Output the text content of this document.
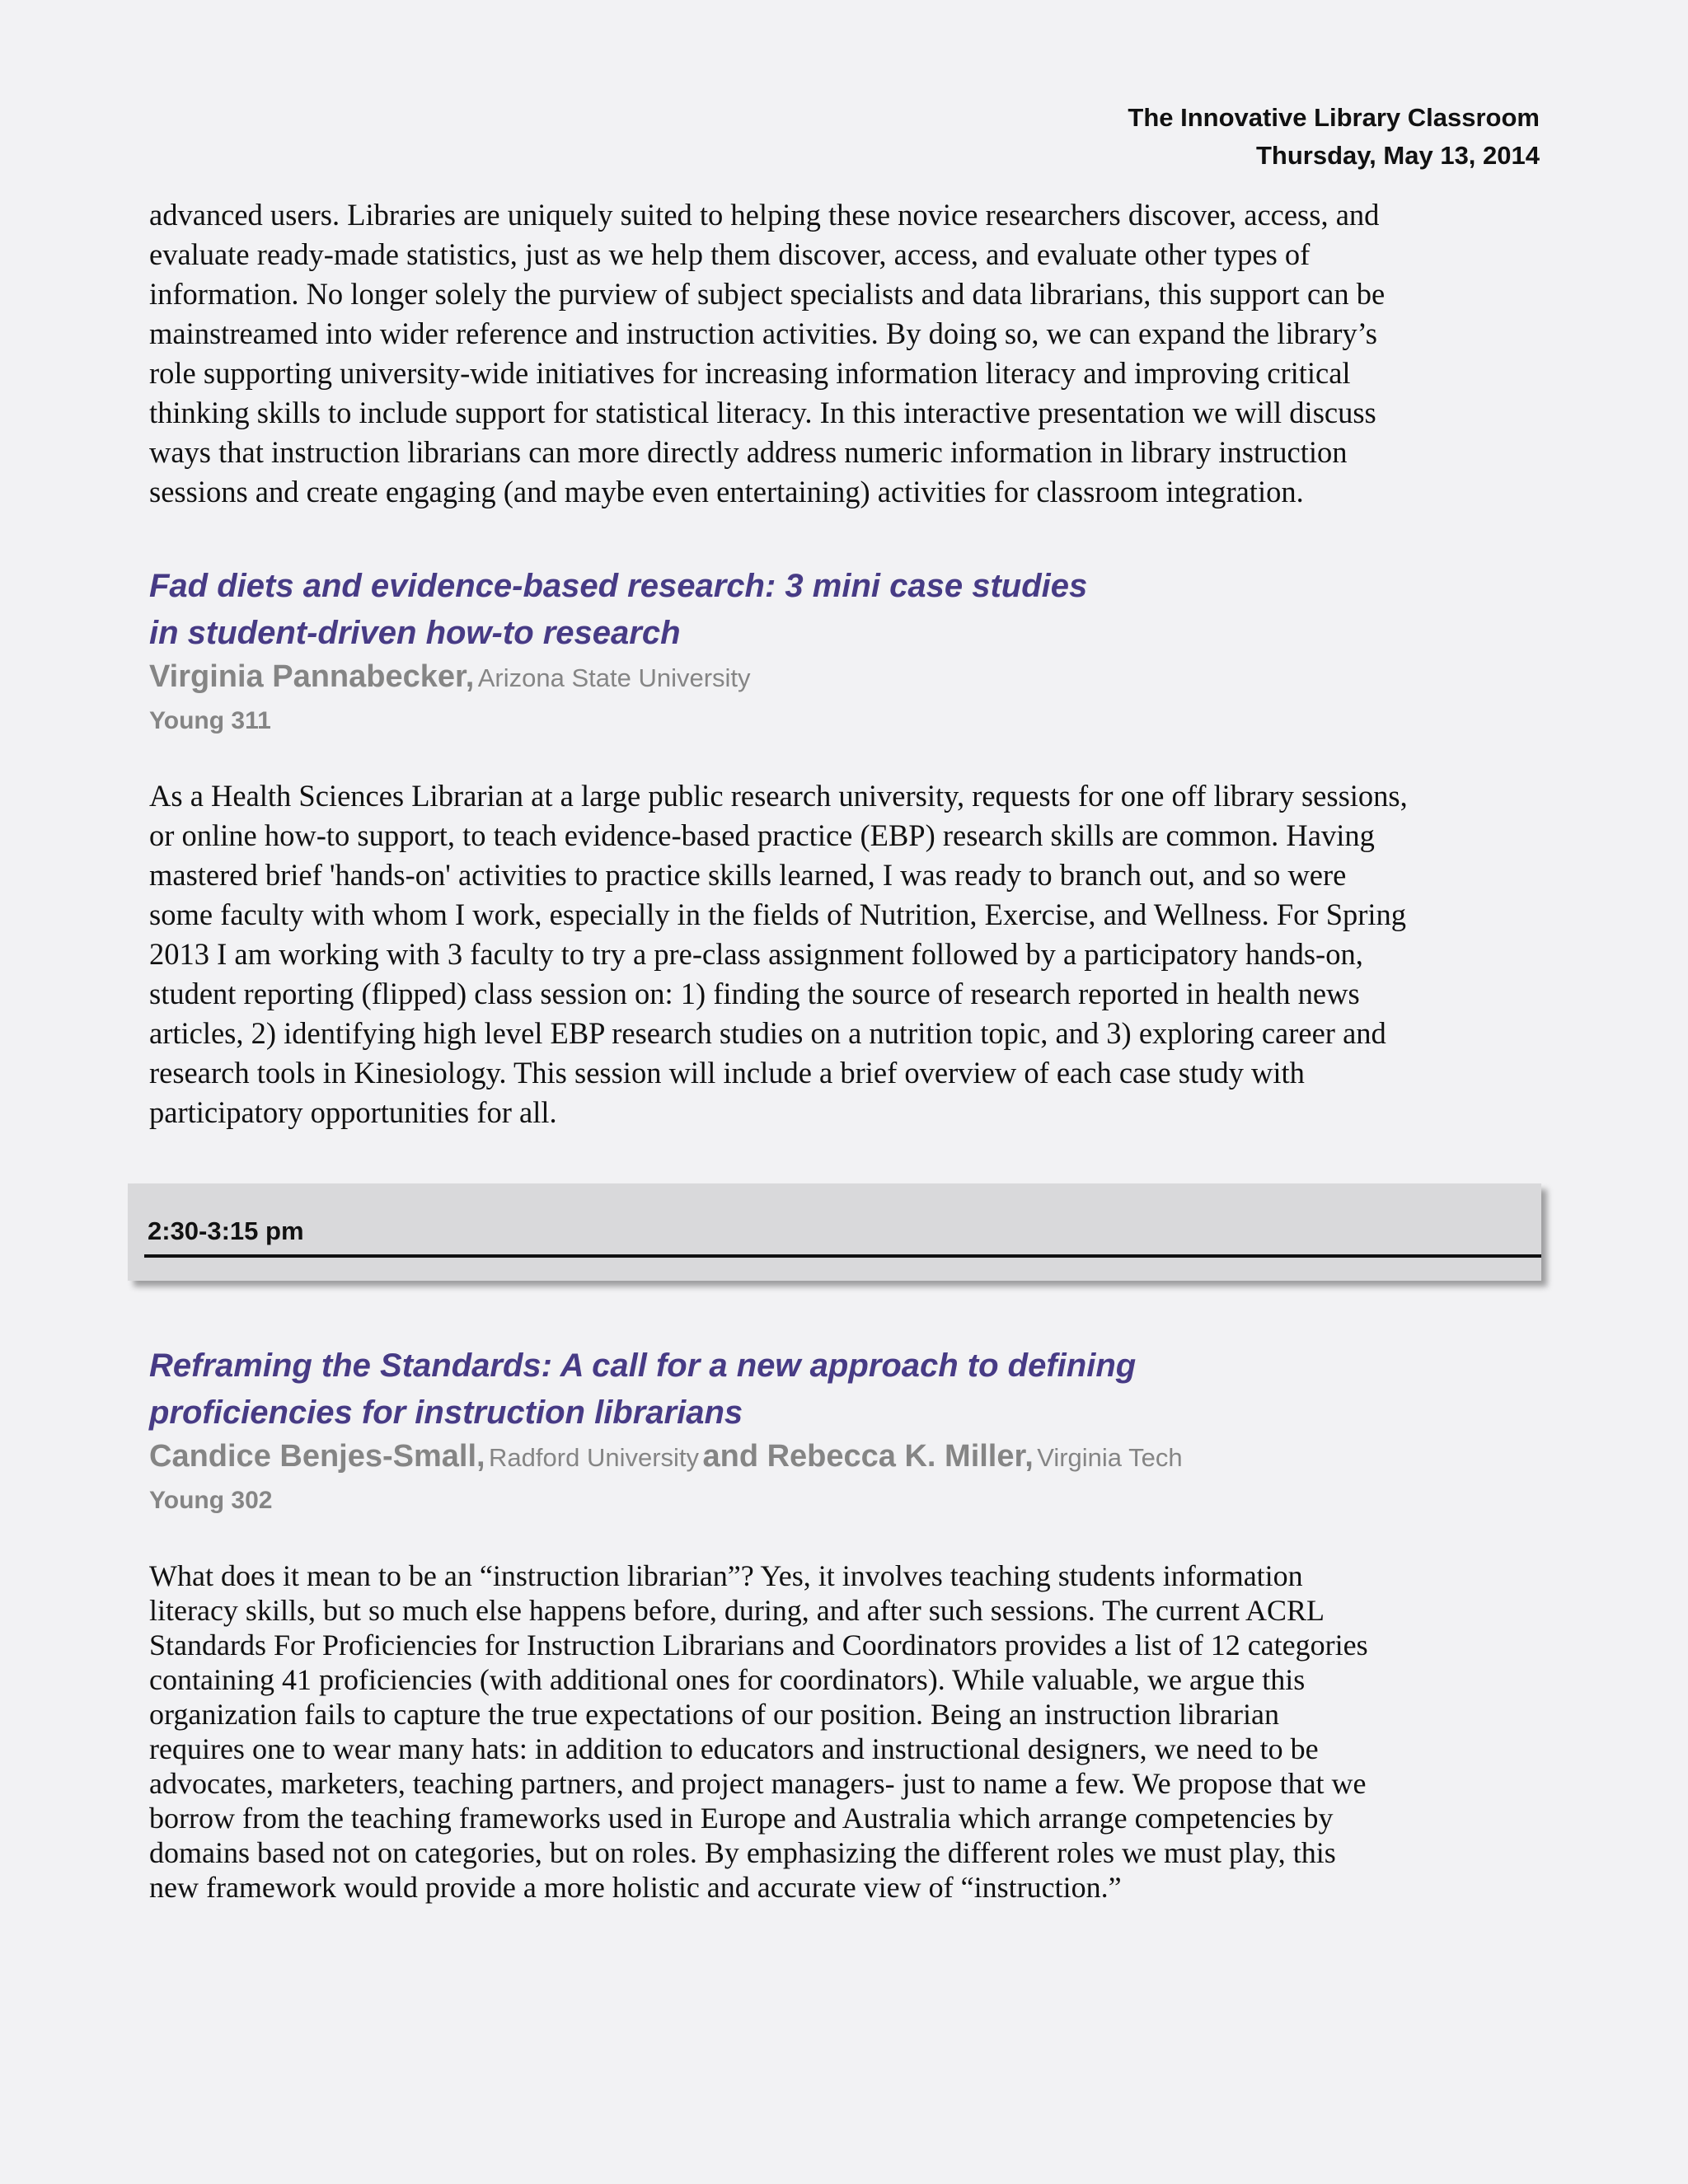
The Innovative Library Classroom
Thursday, May 13, 2014
advanced users. Libraries are uniquely suited to helping these novice researchers discover, access, and
evaluate ready-made statistics, just as we help them discover, access, and evaluate other types of
information. No longer solely the purview of subject specialists and data librarians, this support can be
mainstreamed into wider reference and instruction activities. By doing so, we can expand the library’s
role supporting university-wide initiatives for increasing information literacy and improving critical
thinking skills to include support for statistical literacy. In this interactive presentation we will discuss
ways that instruction librarians can more directly address numeric information in library instruction
sessions and create engaging (and maybe even entertaining) activities for classroom integration.
Fad diets and evidence-based research: 3 mini case studies
in student-driven how-to research
Virginia Pannabecker, Arizona State University
Young 311
As a Health Sciences Librarian at a large public research university, requests for one off library sessions,
or online how-to support, to teach evidence-based practice (EBP) research skills are common. Having
mastered brief 'hands-on' activities to practice skills learned, I was ready to branch out, and so were
some faculty with whom I work, especially in the fields of Nutrition, Exercise, and Wellness. For Spring
2013 I am working with 3 faculty to try a pre-class assignment followed by a participatory hands-on,
student reporting (flipped) class session on: 1) finding the source of research reported in health news
articles, 2) identifying high level EBP research studies on a nutrition topic, and 3) exploring career and
research tools in Kinesiology. This session will include a brief overview of each case study with
participatory opportunities for all.
2:30-3:15 pm
Reframing the Standards: A call for a new approach to defining
proficiencies for instruction librarians
Candice Benjes-Small, Radford University and Rebecca K. Miller, Virginia Tech
Young 302
What does it mean to be an “instruction librarian”? Yes, it involves teaching students information
literacy skills, but so much else happens before, during, and after such sessions. The current ACRL
Standards For Proficiencies for Instruction Librarians and Coordinators provides a list of 12 categories
containing 41 proficiencies (with additional ones for coordinators). While valuable, we argue this
organization fails to capture the true expectations of our position. Being an instruction librarian
requires one to wear many hats: in addition to educators and instructional designers, we need to be
advocates, marketers, teaching partners, and project managers- just to name a few. We propose that we
borrow from the teaching frameworks used in Europe and Australia which arrange competencies by
domains based not on categories, but on roles. By emphasizing the different roles we must play, this
new framework would provide a more holistic and accurate view of “instruction.”
